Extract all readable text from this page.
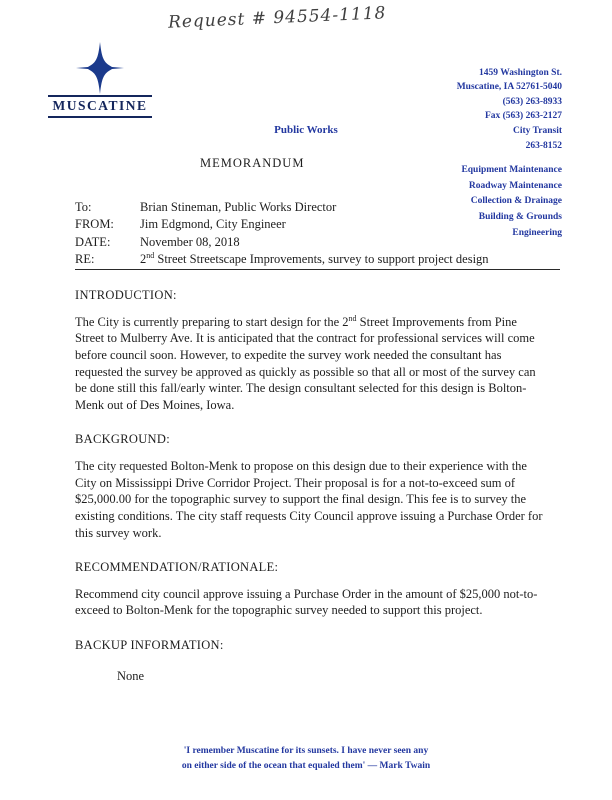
Request # 94554-1118
MUSCATINE
1459 Washington St.
Muscatine, IA 52761-5040
(563) 263-8933
Fax (563) 263-2127
Public Works	City Transit
263-8152
Equipment Maintenance
Roadway Maintenance
Collection & Drainage
Building & Grounds
Engineering
MEMORANDUM
To:	Brian Stineman, Public Works Director
FROM:	Jim Edgmond, City Engineer
DATE:	November 08, 2018
RE:	2nd Street Streetscape Improvements, survey to support project design
INTRODUCTION:

The City is currently preparing to start design for the 2nd Street Improvements from Pine Street to Mulberry Ave. It is anticipated that the contract for professional services will come before council soon. However, to expedite the survey work needed the consultant has requested the survey be approved as quickly as possible so that all or most of the survey can be done still this fall/early winter. The design consultant selected for this design is Bolton-Menk out of Des Moines, Iowa.

BACKGROUND:

The city requested Bolton-Menk to propose on this design due to their experience with the City on Mississippi Drive Corridor Project. Their proposal is for a not-to-exceed sum of $25,000.00 for the topographic survey to support the final design. This fee is to survey the existing conditions. The city staff requests City Council approve issuing a Purchase Order for this survey work.

RECOMMENDATION/RATIONALE:

Recommend city council approve issuing a Purchase Order in the amount of $25,000 not-to-exceed to Bolton-Menk for the topographic survey needed to support this project.

BACKUP INFORMATION:

None

'I remember Muscatine for its sunsets. I have never seen any
on either side of the ocean that equaled them' — Mark Twain
